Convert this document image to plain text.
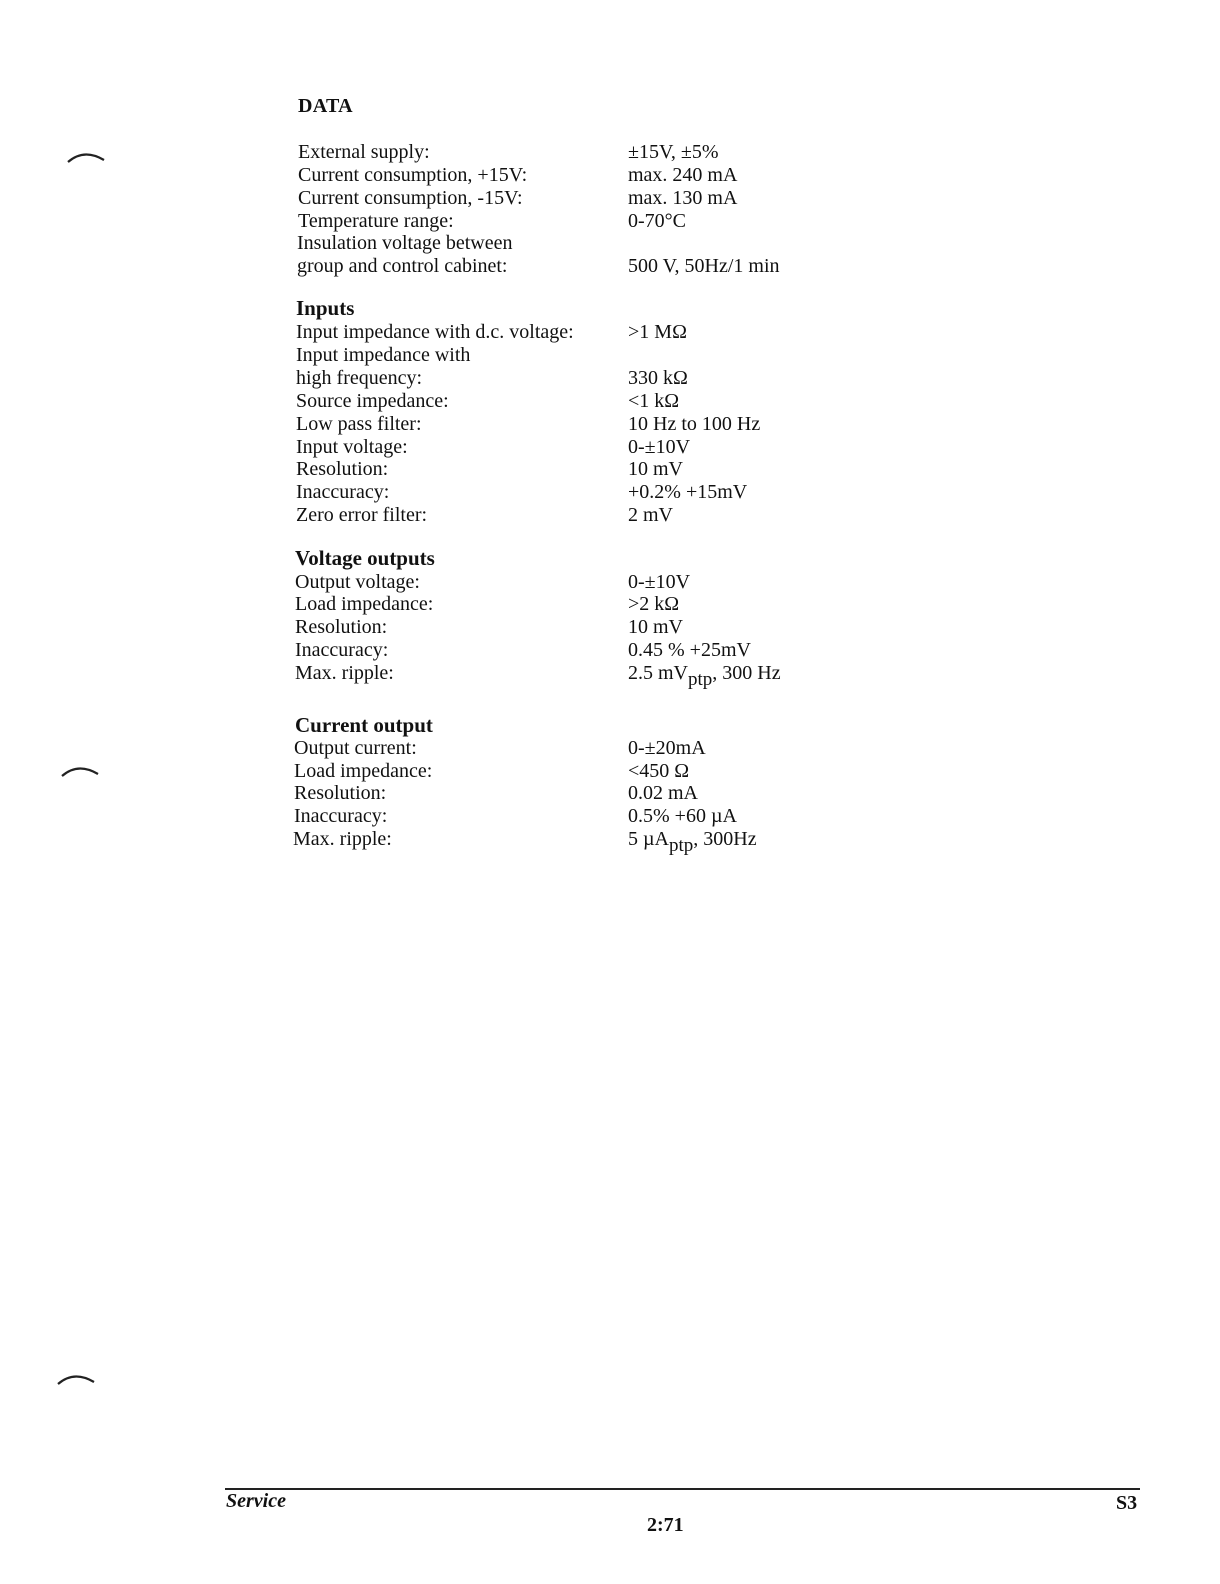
DATA
External supply:	±15V, ±5%
Current consumption, +15V:	max. 240 mA
Current consumption, -15V:	max. 130 mA
Temperature range:	0-70°C
Insulation voltage between
group and control cabinet:	500 V, 50Hz/1 min
Inputs
Input impedance with d.c. voltage:	>1 MΩ
Input impedance with
high frequency:	330 kΩ
Source impedance:	<1 kΩ
Low pass filter:	10 Hz to 100 Hz
Input voltage:	0-±10V
Resolution:	10 mV
Inaccuracy:	+0.2% +15mV
Zero error filter:	2 mV
Voltage outputs
Output voltage:	0-±10V
Load impedance:	>2 kΩ
Resolution:	10 mV
Inaccuracy:	0.45 % +25mV
Max. ripple:	2.5 $mV_{ptp}$, 300 Hz
Current output
Output current:	0-±20mA
Load impedance:	<450 Ω
Resolution:	0.02 mA
Inaccuracy:	0.5% +60 µA
Max. ripple:	5 µA$_{ptp}$, 300Hz
Service
2:71
S3
